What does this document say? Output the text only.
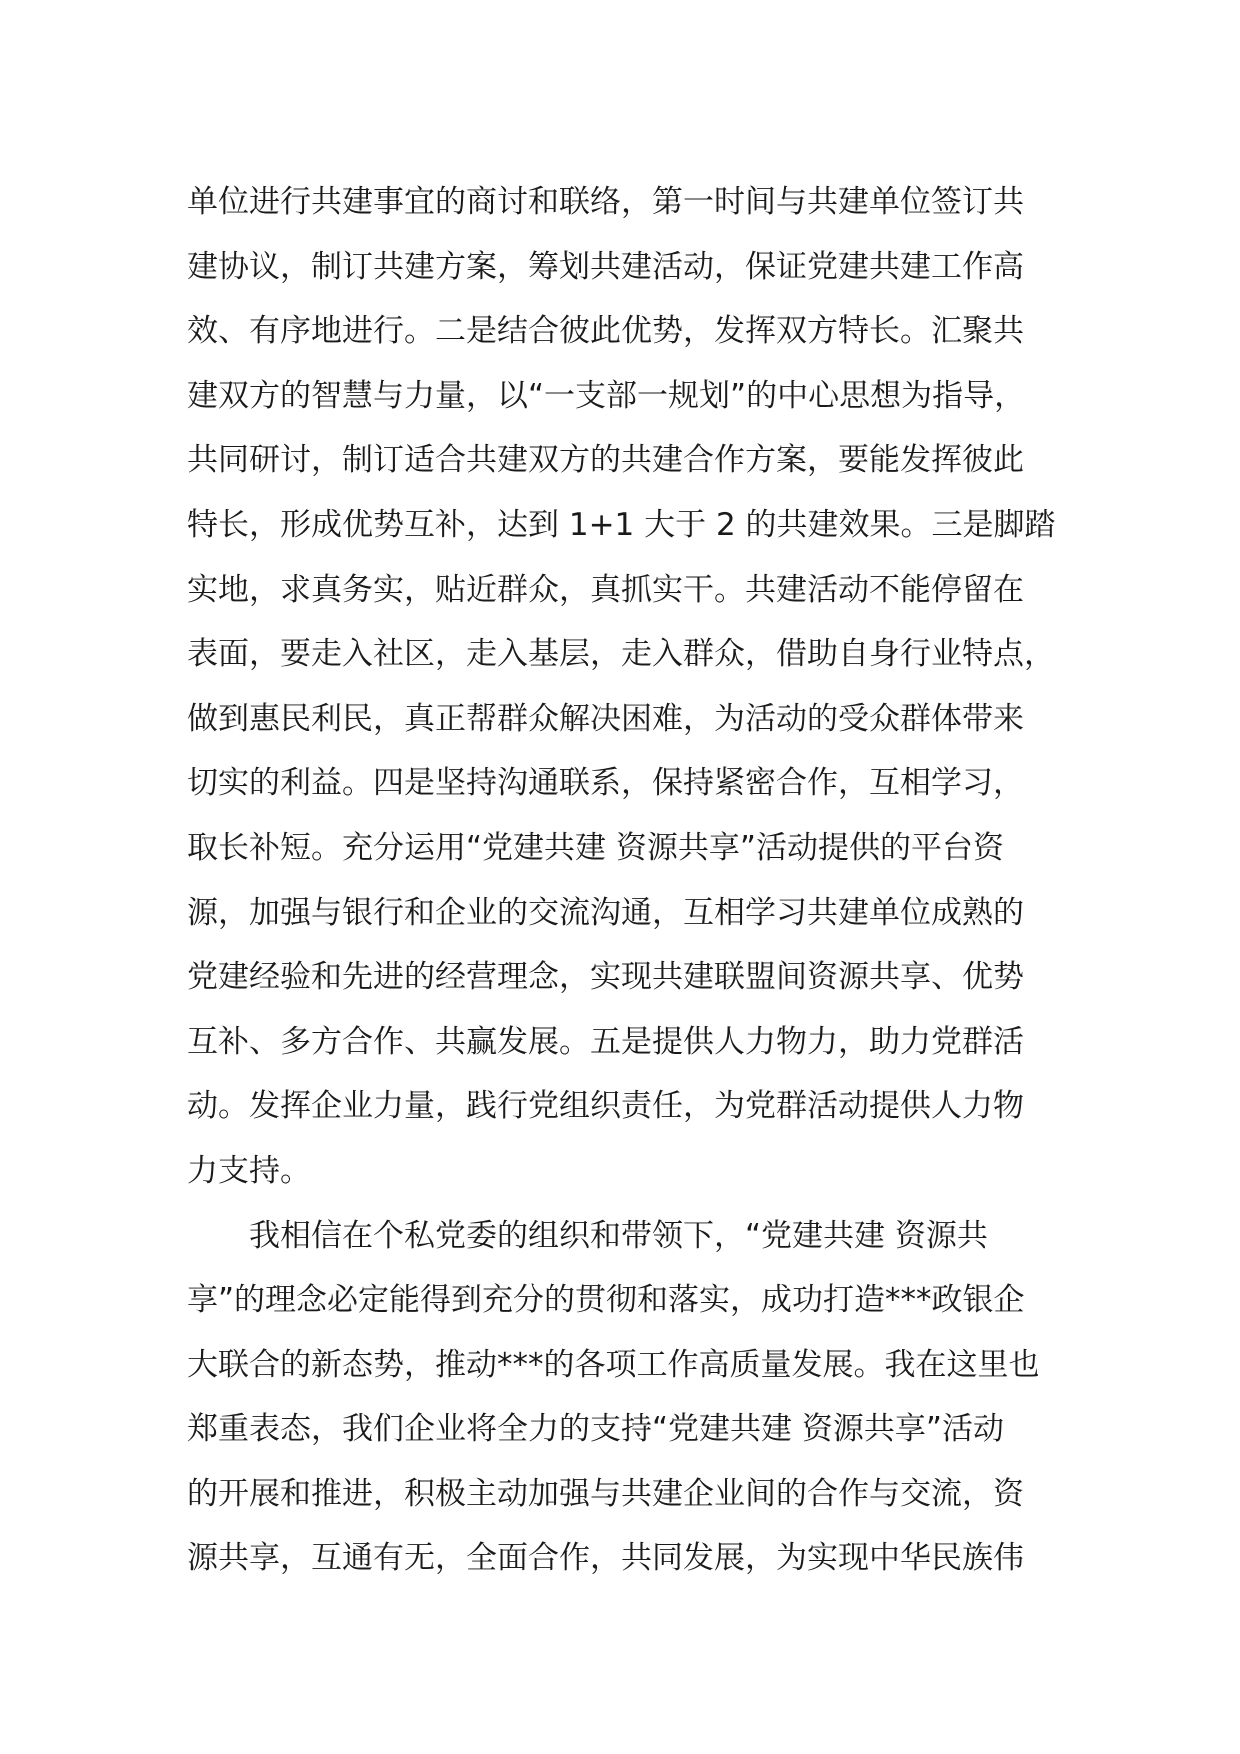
单位进行共建事宜的商讨和联络，第一时间与共建单位签订共
建协议，制订共建方案，筹划共建活动，保证党建共建工作高
效、有序地进行。二是结合彼此优势，发挥双方特长。汇聚共
建双方的智慧与力量，以“一支部一规划”的中心思想为指导，
共同研讨，制订适合共建双方的共建合作方案，要能发挥彼此
特长，形成优势互补，达到 1+1 大于 2 的共建效果。三是脚踏
实地，求真务实，贴近群众，真抓实干。共建活动不能停留在
表面，要走入社区，走入基层，走入群众，借助自身行业特点，
做到惠民利民，真正帮群众解决困难，为活动的受众群体带来
切实的利益。四是坚持沟通联系，保持紧密合作，互相学习，
取长补短。充分运用“党建共建 资源共享”活动提供的平台资
源，加强与银行和企业的交流沟通，互相学习共建单位成熟的
党建经验和先进的经营理念，实现共建联盟间资源共享、优势
互补、多方合作、共赢发展。五是提供人力物力，助力党群活
动。发挥企业力量，践行党组织责任，为党群活动提供人力物
力支持。
我相信在个私党委的组织和带领下，“党建共建 资源共
享”的理念必定能得到充分的贯彻和落实，成功打造***政银企
大联合的新态势，推动***的各项工作高质量发展。我在这里也
郑重表态，我们企业将全力的支持“党建共建 资源共享”活动
的开展和推进，积极主动加强与共建企业间的合作与交流，资
源共享，互通有无，全面合作，共同发展，为实现中华民族伟
